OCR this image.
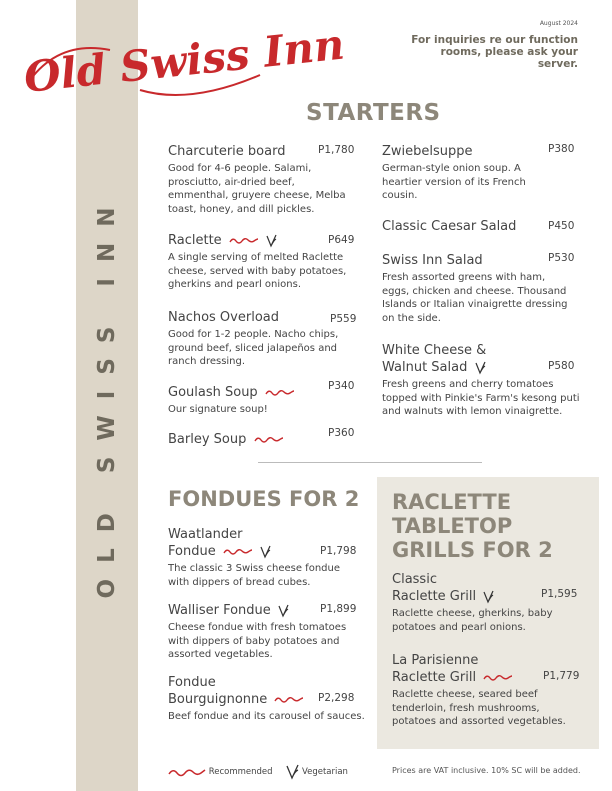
OLD SWISS INN
Old Swiss Inn	August 2024
For inquiries re our function rooms, please ask your server.
STARTERS
Charcuterie board
Good for 4-6 people. Salami, prosciutto, air-dried beef, emmenthal, gruyere cheese, Melba toast, honey, and dill pickles.
P1,780
Raclette
A single serving of melted Raclette cheese, served with baby potatoes, gherkins and pearl onions.
P649
Nachos Overload
Good for 1-2 people. Nacho chips, ground beef, sliced jalapeños and ranch dressing.
P559
Goulash Soup
Our signature soup!
P340
Barley Soup	P360
Zwiebelsuppe
German-style onion soup. A heartier version of its French cousin.
P380
Classic Caesar Salad	P450
Swiss Inn Salad
Fresh assorted greens with ham, eggs, chicken and cheese. Thousand Islands or Italian vinaigrette dressing on the side.
P530
White Cheese &
Walnut Salad
Fresh greens and cherry tomatoes topped with Pinkie's Farm's kesong puti and walnuts with lemon vinaigrette.
P580
FONDUES FOR 2
Waatlander
Fondue
The classic 3 Swiss cheese fondue with dippers of bread cubes.
P1,798
Walliser Fondue
Cheese fondue with fresh tomatoes with dippers of baby potatoes and assorted vegetables.
P1,899
Fondue
Bourguignonne
Beef fondue and its carousel of sauces.
P2,298
RACLETTE
TABLETOP
GRILLS FOR 2
Classic
Raclette Grill
Raclette cheese, gherkins, baby potatoes and pearl onions.
P1,595
La Parisienne
Raclette Grill
Raclette cheese, seared beef tenderloin, fresh mushrooms, potatoes and assorted vegetables.
P1,779
Recommended	Vegetarian	Prices are VAT inclusive. 10% SC will be added.
